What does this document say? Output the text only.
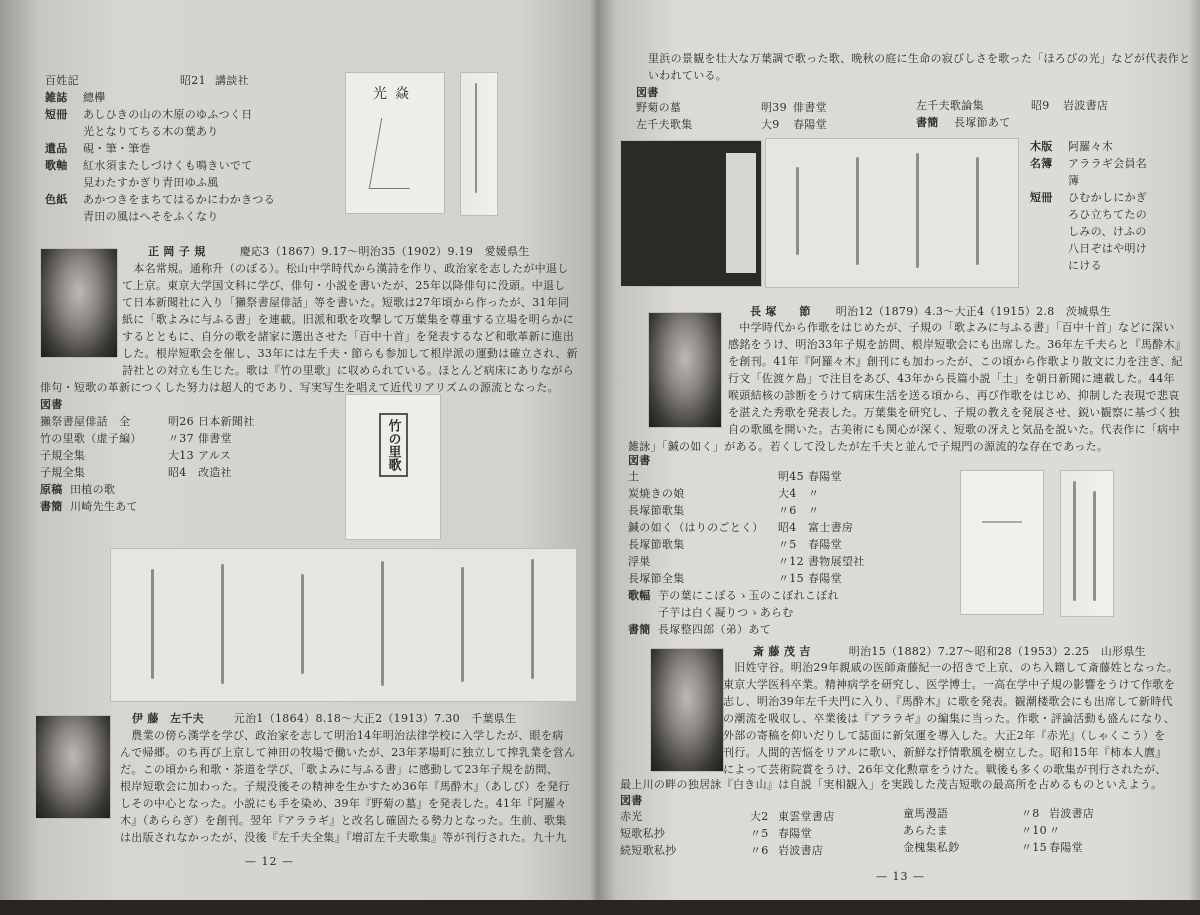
百姓記	昭21 講談社
雑誌 總欅
短冊 あしひきの山の木原のゆふつく日
光となりてちる木の葉あり
遺品 硯・筆・筆巻
歌軸 紅水須またしづけくも鳴きいでて
見わたすかぎり青田ゆふ風
色紙 あかつきをまちてはるかにわかきつる
青田の風はへそをふくなり
光焱
正 岡 子 規	慶応3（1867）9.17〜明治35（1902）9.19　愛媛県生
　本名常規。通称升（のぼる）。松山中学時代から漢詩を作り、政治家を志したが中退し
て上京。東京大学国文科に学び、俳句・小説を書いたが、25年以降俳句に没頭。中退し
て日本新聞社に入り「獺祭書屋俳話」等を書いた。短歌は27年頃から作ったが、31年同
紙に「歌よみに与ふる書」を連載。旧派和歌を攻撃して万葉集を尊重する立場を明らかに
するとともに、自分の歌を諸家に選出させた「百中十首」を発表するなど和歌革新に進出
した。根岸短歌会を催し、33年には左千夫・節らも参加して根岸派の運動は確立され、新
詩社との対立も生じた。歌は『竹の里歌』に収められている。ほとんど病床にありながら
俳句・短歌の革新につくした努力は超人的であり、写実写生を唱えて近代リアリズムの源流となった。
図書
獺祭書屋俳話　全	明26 日本新聞社
竹の里歌（虚子編）	〃37 俳書堂
子規全集	大13 アルス
子規全集	昭4	改造社
原稿 田植の歌
書簡 川崎先生あて
竹の里歌
伊 藤　左千夫	元治1（1864）8.18〜大正2（1913）7.30　千葉県生
　農業の傍ら漢学を学び、政治家を志して明治14年明治法律学校に入学したが、眼を病
んで帰郷。のち再び上京して神田の牧場で働いたが、23年茅場町に独立して搾乳業を営ん
だ。この頃から和歌・茶道を学び、「歌よみに与ふる書」に感動して23年子規を訪問、
根岸短歌会に加わった。子規没後その精神を生かすため36年『馬酔木』（あしび）を発行
しその中心となった。小説にも手を染め、39年『野菊の墓』を発表した。41年『阿羅々
木』（あららぎ）を創刊。翌年『アララギ』と改名し確固たる勢力となった。生前、歌集
は出版されなかったが、没後『左千夫全集』『増訂左千夫歌集』等が刊行された。九十九
— 12 —
里浜の景観を壮大な万葉調で歌った歌、晩秋の庭に生命の寂びしさを歌った「ほろびの光」などが代表作と
いわれている。
図書
野菊の墓	明39 俳書堂
左千夫歌集	大9	春陽堂
左千夫歌論集	昭9	岩波書店
書簡 長塚節あて
木版 阿羅々木
名簿 アララギ会員名
簿
短冊 ひむかしにかぎ
ろひ立ちてたの
しみの、けふの
八日ぞはや明け
にける
長 塚　　節 明治12（1879）4.3〜大正4（1915）2.8　茨城県生
　中学時代から作歌をはじめたが、子規の「歌よみに与ふる書」「百中十首」などに深い
感銘をうけ、明治33年子規を訪問、根岸短歌会にも出席した。36年左千夫らと『馬酔木』
を創刊。41年『阿羅々木』創刊にも加わったが、この頃から作歌より散文に力を注ぎ、紀
行文「佐渡ケ島」で注目をあび、43年から長篇小説「土」を朝日新聞に連載した。44年
喉頭結核の診断をうけて病床生活を送る頃から、再び作歌をはじめ、抑制した表現で悲哀
を湛えた秀歌を発表した。万葉集を研究し、子規の教えを発展させ、鋭い観察に基づく独
自の歌風を開いた。古美術にも関心が深く、短歌の冴えと気品を説いた。代表作に「病中
雑詠」「鍼の如く」がある。若くして没したが左千夫と並んで子規門の源流的な存在であった。
図書
土	明45 春陽堂
炭焼きの娘	大4	〃
長塚節歌集	〃6	〃
鍼の如く（はりのごとく）	昭4	富士書房
長塚節歌集	〃5	春陽堂
浮巣	〃12 書物展望社
長塚節全集	〃15 春陽堂
歌幅 芋の葉にこぼるゝ玉のこぼれこぼれ
子芋は白く凝りつゝあらむ
書簡 長塚整四郎（弟）あて
斎 藤 茂 吉	明治15（1882）7.27〜昭和28（1953）2.25　山形県生
　旧姓守谷。明治29年親戚の医師斎藤紀一の招きで上京、のち入籍して斎藤姓となった。
東京大学医科卒業。精神病学を研究し、医学博士。一高在学中子規の影響をうけて作歌を
志し、明治39年左千夫門に入り、『馬酔木』に歌を発表。観潮楼歌会にも出席して新時代
の潮流を吸収し、卒業後は『アララギ』の編集に当った。作歌・評論活動も盛んになり、
外部の寄稿を仰いだりして誌面に新気運を導入した。大正2年『赤光』（しゃくこう）を
刊行。人間的苦悩をリアルに歌い、新鮮な抒情歌風を樹立した。昭和15年『柿本人麿』
によって芸術院賞をうけ、26年文化勲章をうけた。戦後も多くの歌集が刊行されたが、
最上川の畔の独居詠『白き山』は自説「実相観入」を実践した茂吉短歌の最高所を占めるものといえよう。
図書
赤光	大2 東雲堂書店
短歌私抄	〃5 春陽堂
続短歌私抄	〃6 岩波書店
童馬漫語	〃8 岩波書店
あらたま	〃10 〃
金槐集私鈔	〃15 春陽堂
— 13 —
